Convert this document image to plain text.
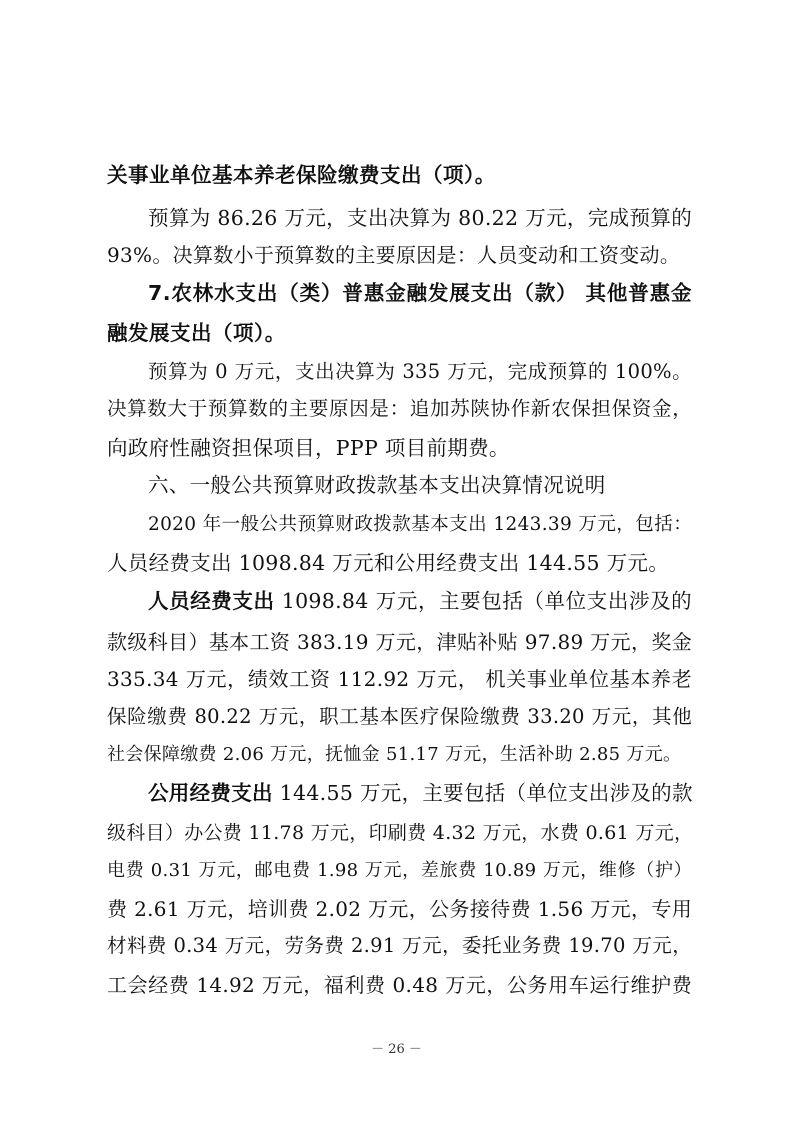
关事业单位基本养老保险缴费支出（项）。
预算为 86.26 万元，支出决算为 80.22 万元，完成预算的
93%。决算数小于预算数的主要原因是：人员变动和工资变动。
7.农林水支出（类）普惠金融发展支出（款） 其他普惠金
融发展支出（项）。
预算为 0 万元，支出决算为 335 万元，完成预算的 100%。
决算数大于预算数的主要原因是：追加苏陕协作新农保担保资金，
向政府性融资担保项目，PPP 项目前期费。
六、一般公共预算财政拨款基本支出决算情况说明
2020 年一般公共预算财政拨款基本支出 1243.39 万元，包括：
人员经费支出 1098.84 万元和公用经费支出 144.55 万元。
人员经费支出 1098.84 万元，主要包括（单位支出涉及的
款级科目）基本工资 383.19 万元，津贴补贴 97.89 万元，奖金
335.34 万元，绩效工资 112.92 万元， 机关事业单位基本养老
保险缴费 80.22 万元，职工基本医疗保险缴费 33.20 万元，其他
社会保障缴费 2.06 万元，抚恤金 51.17 万元，生活补助 2.85 万元。
公用经费支出 144.55 万元，主要包括（单位支出涉及的款
级科目）办公费 11.78 万元，印刷费 4.32 万元，水费 0.61 万元，
电费 0.31 万元，邮电费 1.98 万元，差旅费 10.89 万元，维修（护）
费 2.61 万元，培训费 2.02 万元，公务接待费 1.56 万元，专用
材料费 0.34 万元，劳务费 2.91 万元，委托业务费 19.70 万元，
工会经费 14.92 万元，福利费 0.48 万元，公务用车运行维护费
－ 26 －
